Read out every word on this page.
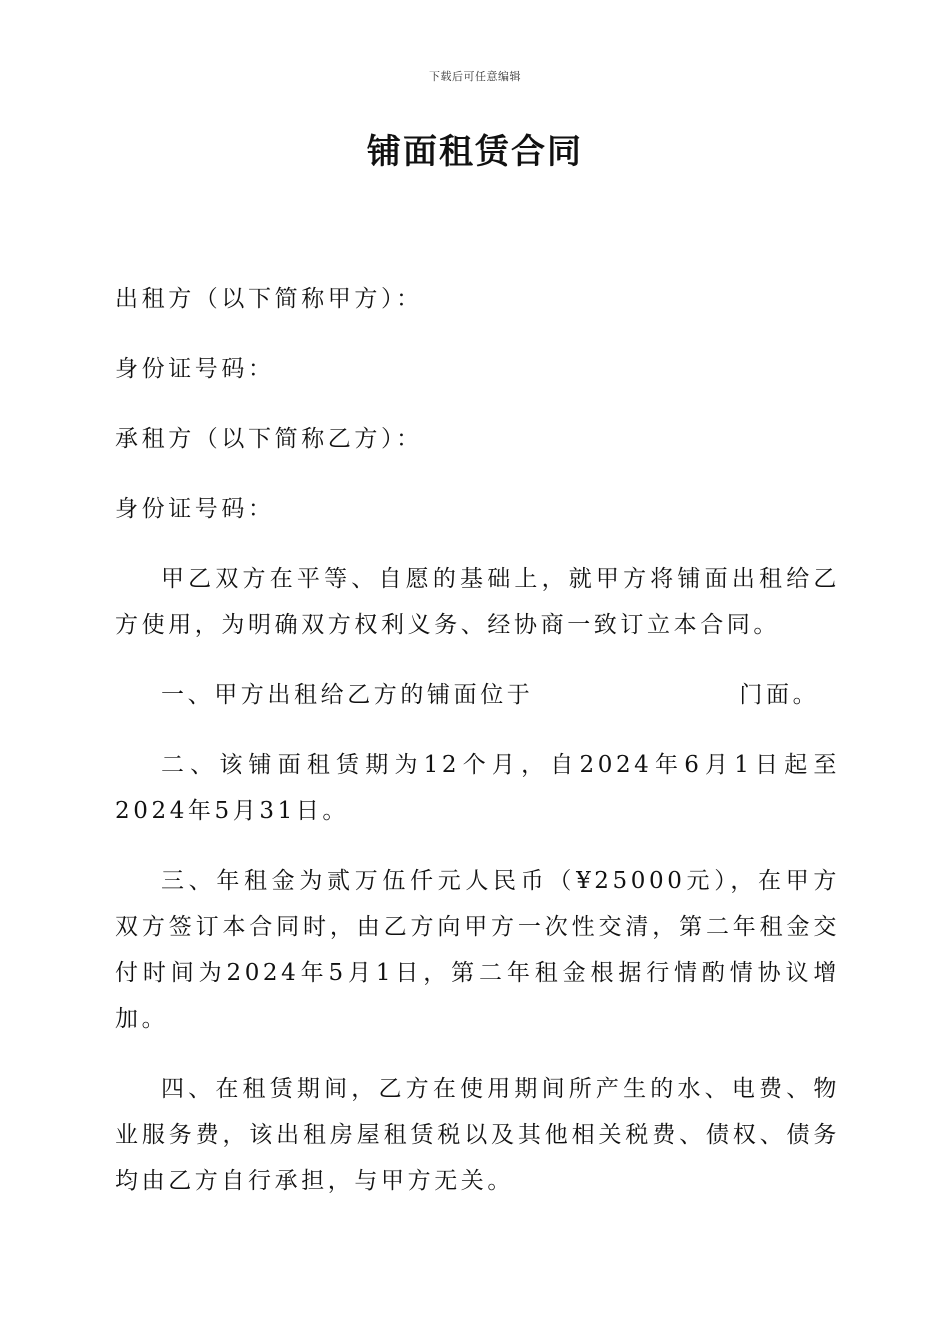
下载后可任意编辑
铺面租赁合同

出租方（以下简称甲方）：

身份证号码：

承租方（以下简称乙方）：

身份证号码：

甲乙双方在平等、自愿的基础上，就甲方将铺面出租给乙方使用，为明确双方权利义务、经协商一致订立本合同。

一、甲方出租给乙方的铺面位于	门面。

二、该铺面租赁期为12个月，自2024年6月1日起至2024年5月31日。

三、年租金为贰万伍仟元人民币（¥25000元），在甲方双方签订本合同时，由乙方向甲方一次性交清，第二年租金交付时间为2024年5月1日，第二年租金根据行情酌情协议增加。

四、在租赁期间，乙方在使用期间所产生的水、电费、物业服务费，该出租房屋租赁税以及其他相关税费、债权、债务均由乙方自行承担，与甲方无关。
